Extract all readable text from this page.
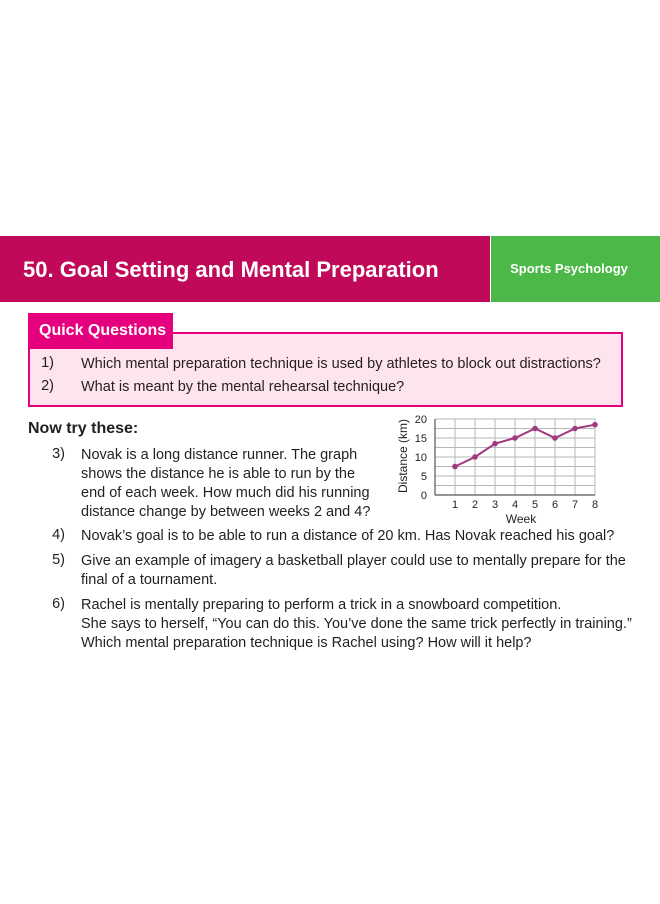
50. Goal Setting and Mental Preparation	Sports Psychology
Quick Questions
1) Which mental preparation technique is used by athletes to block out distractions?
2) What is meant by the mental rehearsal technique?
Now try these:
3) Novak is a long distance runner. The graph
shows the distance he is able to run by the
end of each week. How much did his running
distance change by between weeks 2 and 4?
4) Novak’s goal is to be able to run a distance of 20 km. Has Novak reached his goal?
5) Give an example of imagery a basketball player could use to mentally prepare for the
final of a tournament.
6) Rachel is mentally preparing to perform a trick in a snowboard competition.
She says to herself, “You can do this. You’ve done the same trick perfectly in training.”
Which mental preparation technique is Rachel using? How will it help?
0
5
10
15
20
1 2 3 4 5 6 7 8
Distance (km)
Week
